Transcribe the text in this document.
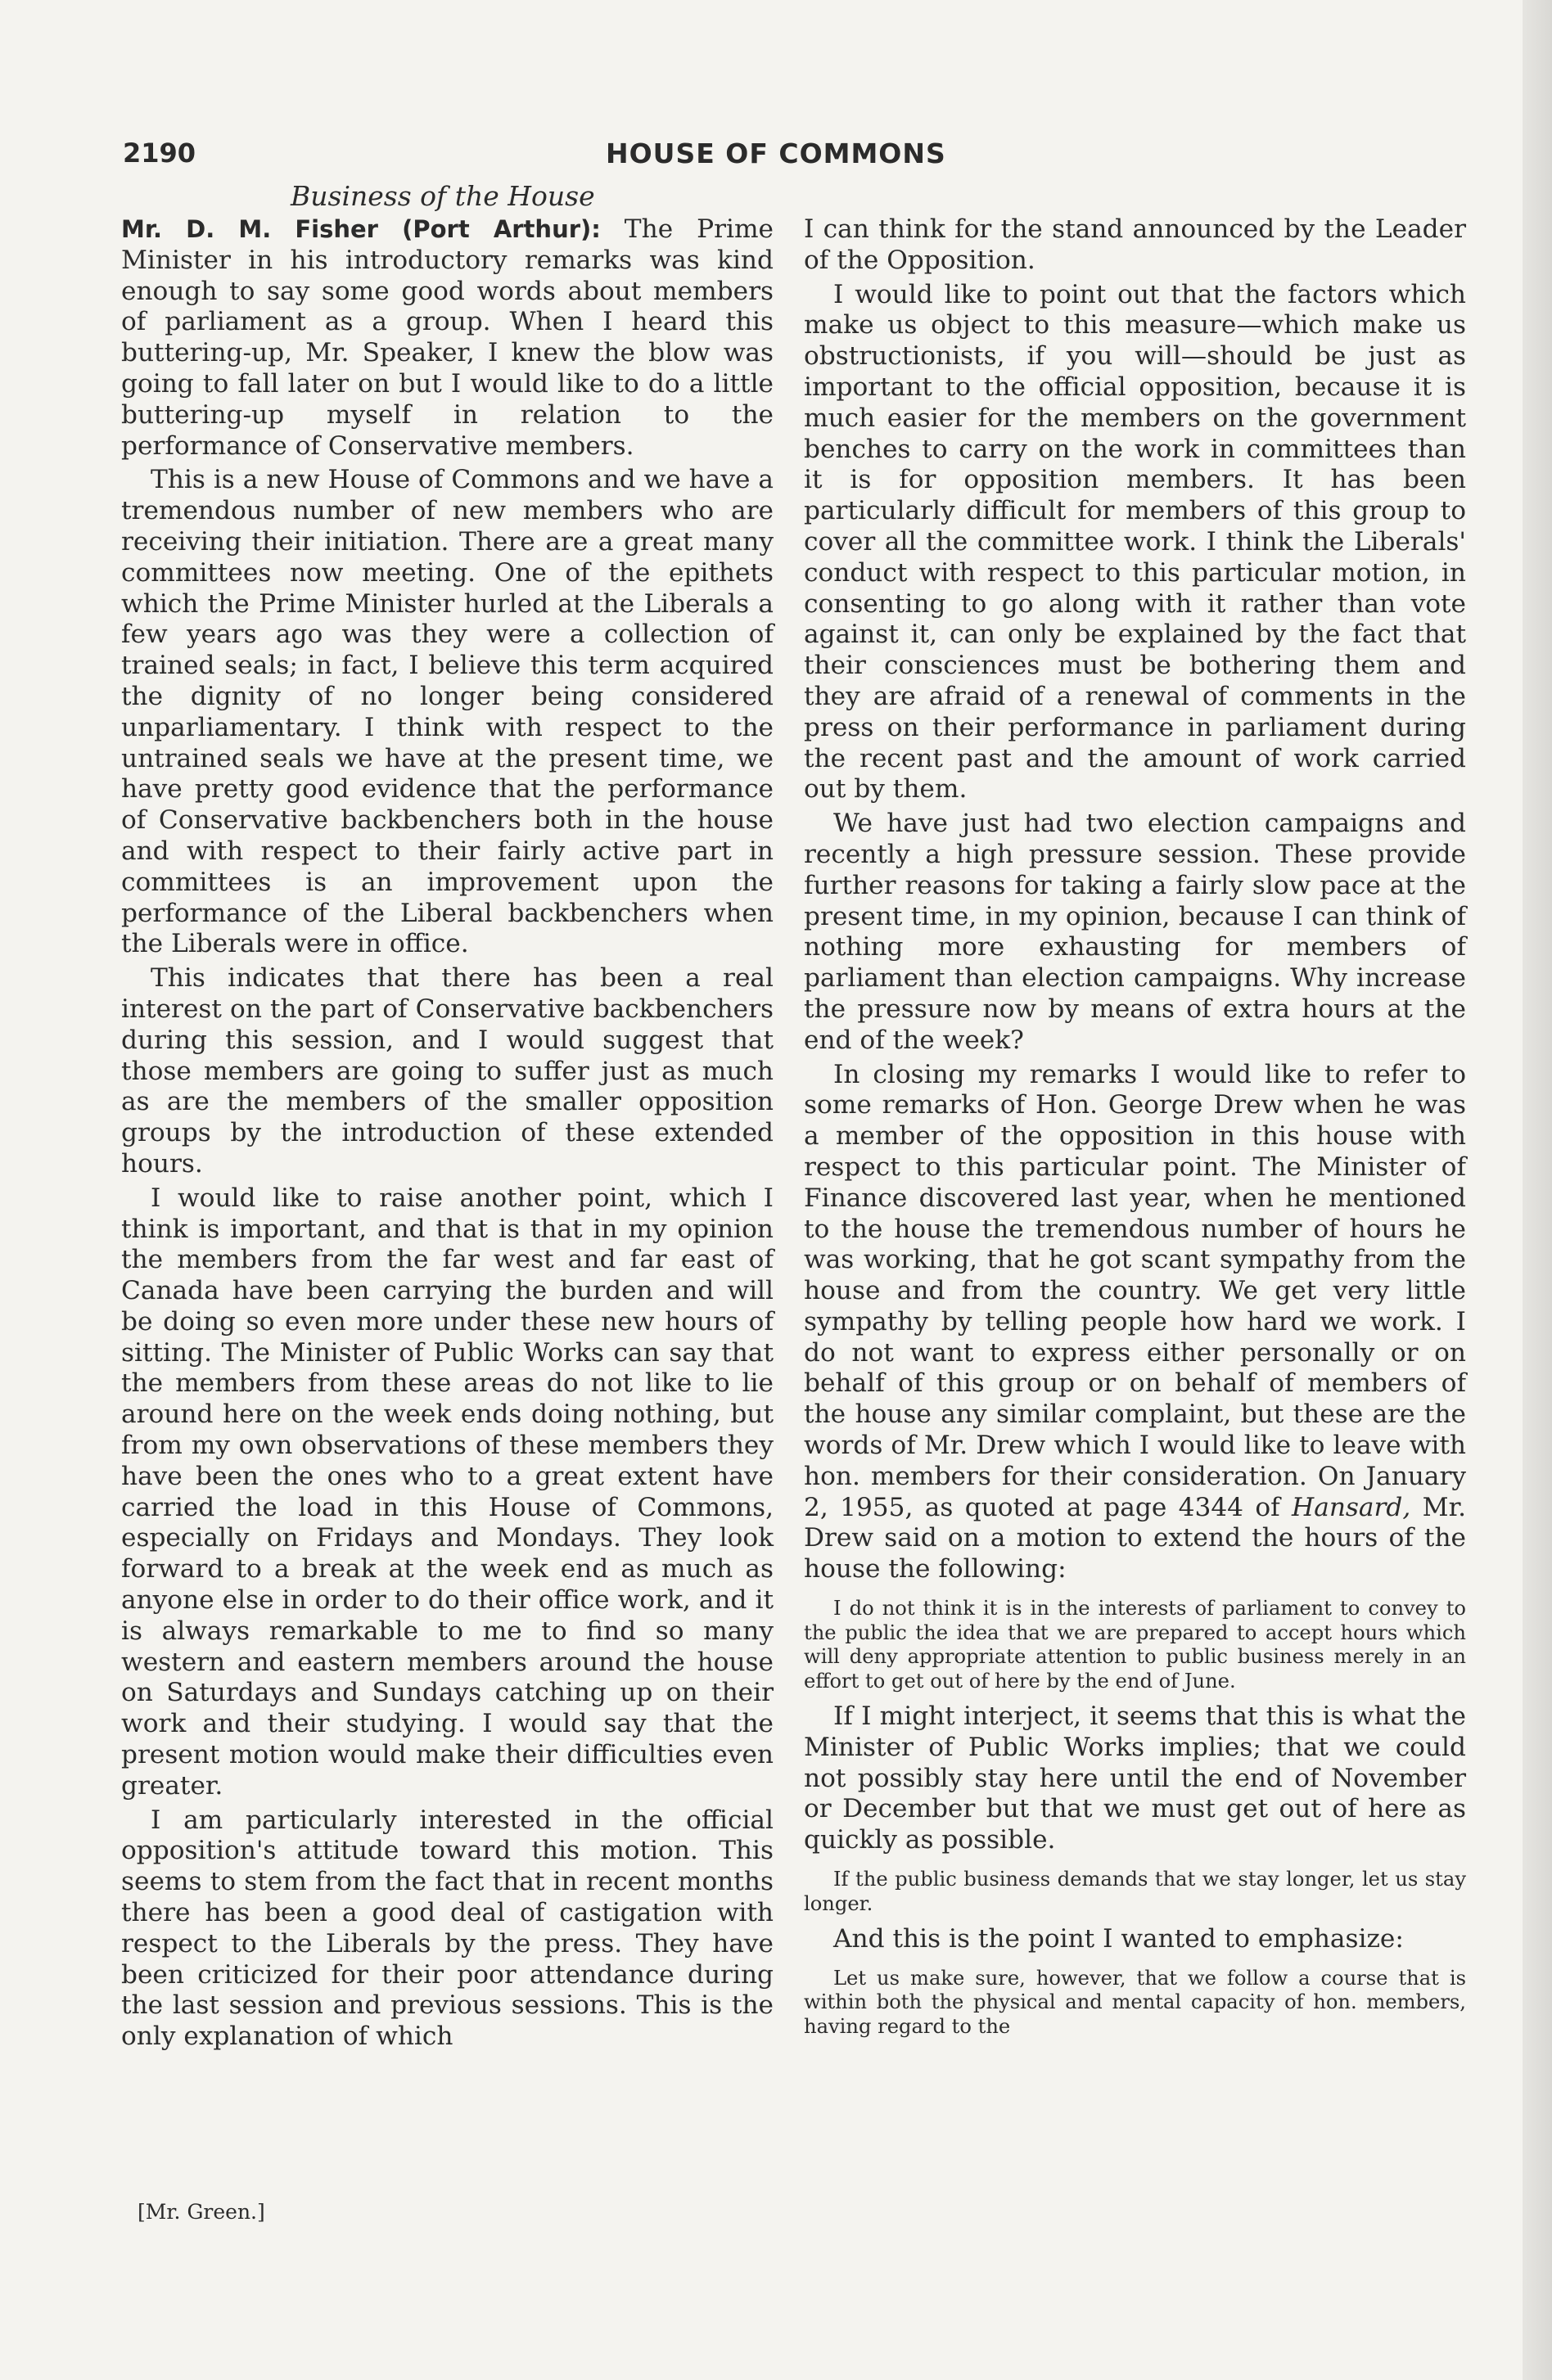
2190	HOUSE OF COMMONS
Business of the House

Mr. D. M. Fisher (Port Arthur): The Prime Minister in his introductory remarks was kind enough to say some good words about members of parliament as a group. When I heard this buttering-up, Mr. Speaker, I knew the blow was going to fall later on but I would like to do a little buttering-up myself in relation to the performance of Conservative members.

This is a new House of Commons and we have a tremendous number of new members who are receiving their initiation. There are a great many committees now meeting. One of the epithets which the Prime Minister hurled at the Liberals a few years ago was they were a collection of trained seals; in fact, I believe this term acquired the dignity of no longer being considered unparliamentary. I think with respect to the untrained seals we have at the present time, we have pretty good evidence that the performance of Conservative backbenchers both in the house and with respect to their fairly active part in committees is an improvement upon the performance of the Liberal backbenchers when the Liberals were in office.

This indicates that there has been a real interest on the part of Conservative backbenchers during this session, and I would suggest that those members are going to suffer just as much as are the members of the smaller opposition groups by the introduction of these extended hours.

I would like to raise another point, which I think is important, and that is that in my opinion the members from the far west and far east of Canada have been carrying the burden and will be doing so even more under these new hours of sitting. The Minister of Public Works can say that the members from these areas do not like to lie around here on the week ends doing nothing, but from my own observations of these members they have been the ones who to a great extent have carried the load in this House of Commons, especially on Fridays and Mondays. They look forward to a break at the week end as much as anyone else in order to do their office work, and it is always remarkable to me to find so many western and eastern members around the house on Saturdays and Sundays catching up on their work and their studying. I would say that the present motion would make their difficulties even greater.

I am particularly interested in the official opposition's attitude toward this motion. This seems to stem from the fact that in recent months there has been a good deal of castigation with respect to the Liberals by the press. They have been criticized for their poor attendance during the last session and previous sessions. This is the only explanation of which

I can think for the stand announced by the Leader of the Opposition.

I would like to point out that the factors which make us object to this measure—which make us obstructionists, if you will—should be just as important to the official opposition, because it is much easier for the members on the government benches to carry on the work in committees than it is for opposition members. It has been particularly difficult for members of this group to cover all the committee work. I think the Liberals' conduct with respect to this particular motion, in consenting to go along with it rather than vote against it, can only be explained by the fact that their consciences must be bothering them and they are afraid of a renewal of comments in the press on their performance in parliament during the recent past and the amount of work carried out by them.

We have just had two election campaigns and recently a high pressure session. These provide further reasons for taking a fairly slow pace at the present time, in my opinion, because I can think of nothing more exhausting for members of parliament than election campaigns. Why increase the pressure now by means of extra hours at the end of the week?

In closing my remarks I would like to refer to some remarks of Hon. George Drew when he was a member of the opposition in this house with respect to this particular point. The Minister of Finance discovered last year, when he mentioned to the house the tremendous number of hours he was working, that he got scant sympathy from the house and from the country. We get very little sympathy by telling people how hard we work. I do not want to express either personally or on behalf of this group or on behalf of members of the house any similar complaint, but these are the words of Mr. Drew which I would like to leave with hon. members for their consideration. On January 2, 1955, as quoted at page 4344 of Hansard, Mr. Drew said on a motion to extend the hours of the house the following:

I do not think it is in the interests of parliament to convey to the public the idea that we are prepared to accept hours which will deny appropriate attention to public business merely in an effort to get out of here by the end of June.

If I might interject, it seems that this is what the Minister of Public Works implies; that we could not possibly stay here until the end of November or December but that we must get out of here as quickly as possible.

If the public business demands that we stay longer, let us stay longer.

And this is the point I wanted to emphasize:

Let us make sure, however, that we follow a course that is within both the physical and mental capacity of hon. members, having regard to the

[Mr. Green.]
